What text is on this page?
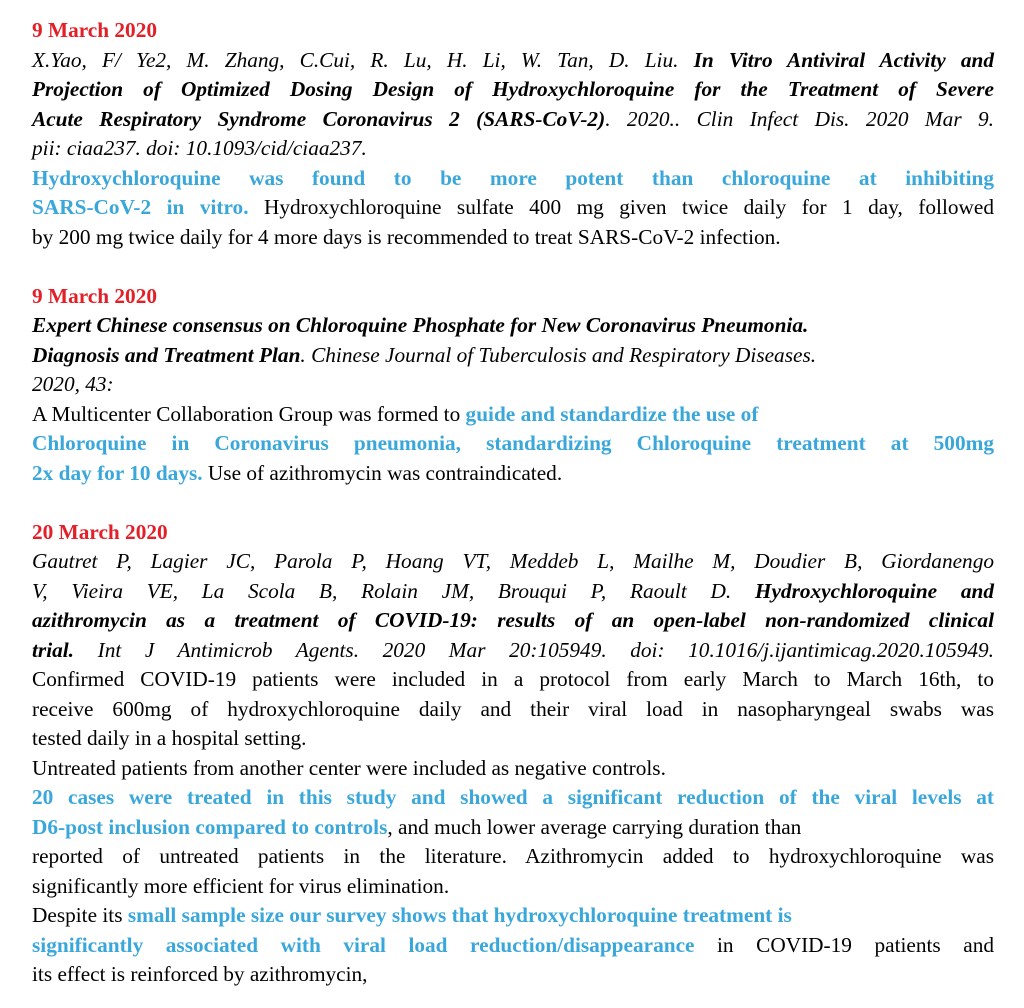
9 March 2020
X.Yao, F/ Ye2, M. Zhang, C.Cui, R. Lu, H. Li, W. Tan, D. Liu. In Vitro Antiviral Activity and
Projection of Optimized Dosing Design of Hydroxychloroquine for the Treatment of Severe
Acute Respiratory Syndrome Coronavirus 2 (SARS-CoV-2). 2020.. Clin Infect Dis. 2020 Mar 9.
pii: ciaa237. doi: 10.1093/cid/ciaa237.
Hydroxychloroquine was found to be more potent than chloroquine at inhibiting
SARS-CoV-2 in vitro. Hydroxychloroquine sulfate 400 mg given twice daily for 1 day, followed
by 200 mg twice daily for 4 more days is recommended to treat SARS-CoV-2 infection.
9 March 2020
Expert Chinese consensus on Chloroquine Phosphate for New Coronavirus Pneumonia.
Diagnosis and Treatment Plan. Chinese Journal of Tuberculosis and Respiratory Diseases.
2020, 43:
A Multicenter Collaboration Group was formed to guide and standardize the use of
Chloroquine in Coronavirus pneumonia, standardizing Chloroquine treatment at 500mg
2x day for 10 days. Use of azithromycin was contraindicated.
20 March 2020
Gautret P, Lagier JC, Parola P, Hoang VT, Meddeb L, Mailhe M, Doudier B, Giordanengo
V, Vieira VE, La Scola B, Rolain JM, Brouqui P, Raoult D. Hydroxychloroquine and
azithromycin as a treatment of COVID-19: results of an open-label non-randomized clinical
trial. Int J Antimicrob Agents. 2020 Mar 20:105949. doi: 10.1016/j.ijantimicag.2020.105949.
Confirmed COVID-19 patients were included in a protocol from early March to March 16th, to
receive 600mg of hydroxychloroquine daily and their viral load in nasopharyngeal swabs was
tested daily in a hospital setting.
Untreated patients from another center were included as negative controls.
20 cases were treated in this study and showed a significant reduction of the viral levels at
D6-post inclusion compared to controls, and much lower average carrying duration than
reported of untreated patients in the literature. Azithromycin added to hydroxychloroquine was
significantly more efficient for virus elimination.
Despite its small sample size our survey shows that hydroxychloroquine treatment is
significantly associated with viral load reduction/disappearance in COVID-19 patients and
its effect is reinforced by azithromycin,
